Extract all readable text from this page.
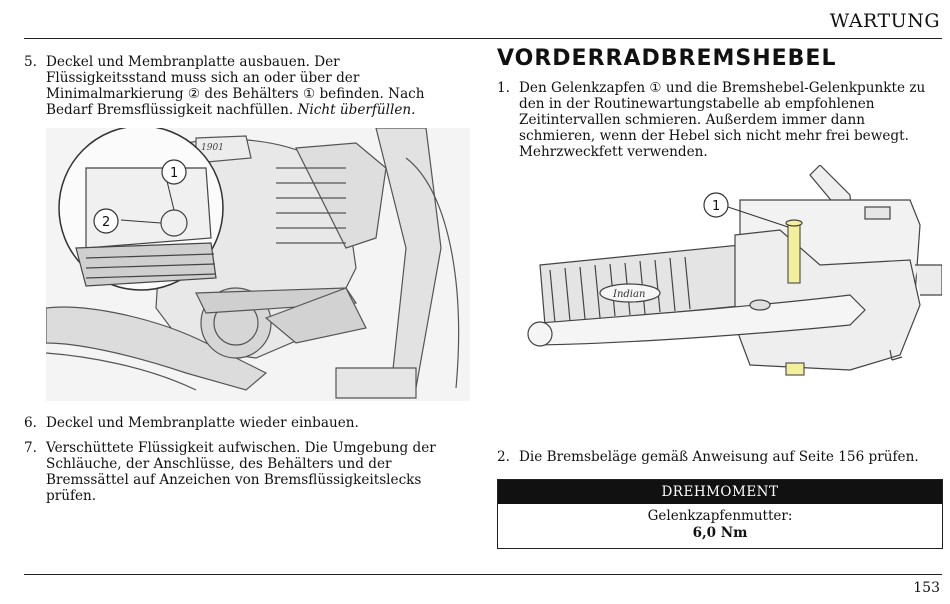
WARTUNG
5. Deckel und Membranplatte ausbauen. Der Flüssigkeitsstand muss sich an oder über der Minimalmarkierung ② des Behälters ① befinden. Nach Bedarf Bremsflüssigkeit nachfüllen. Nicht überfüllen.
1901
1
2
6. Deckel und Membranplatte wieder einbauen.
7. Verschüttete Flüssigkeit aufwischen. Die Umgebung der Schläuche, der Anschlüsse, des Behälters und der Bremssättel auf Anzeichen von Bremsflüssigkeitslecks prüfen.
VORDERRADBREMSHEBEL
1. Den Gelenkzapfen ① und die Bremshebel-Gelenkpunkte zu den in der Routinewartungstabelle ab empfohlenen Zeitintervallen schmieren. Außerdem immer dann schmieren, wenn der Hebel sich nicht mehr frei bewegt. Mehrzweckfett verwenden.
1
Indian
2. Die Bremsbeläge gemäß Anweisung auf Seite 156 prüfen.
DREHMOMENT
Gelenkzapfenmutter:
6,0 Nm
153
